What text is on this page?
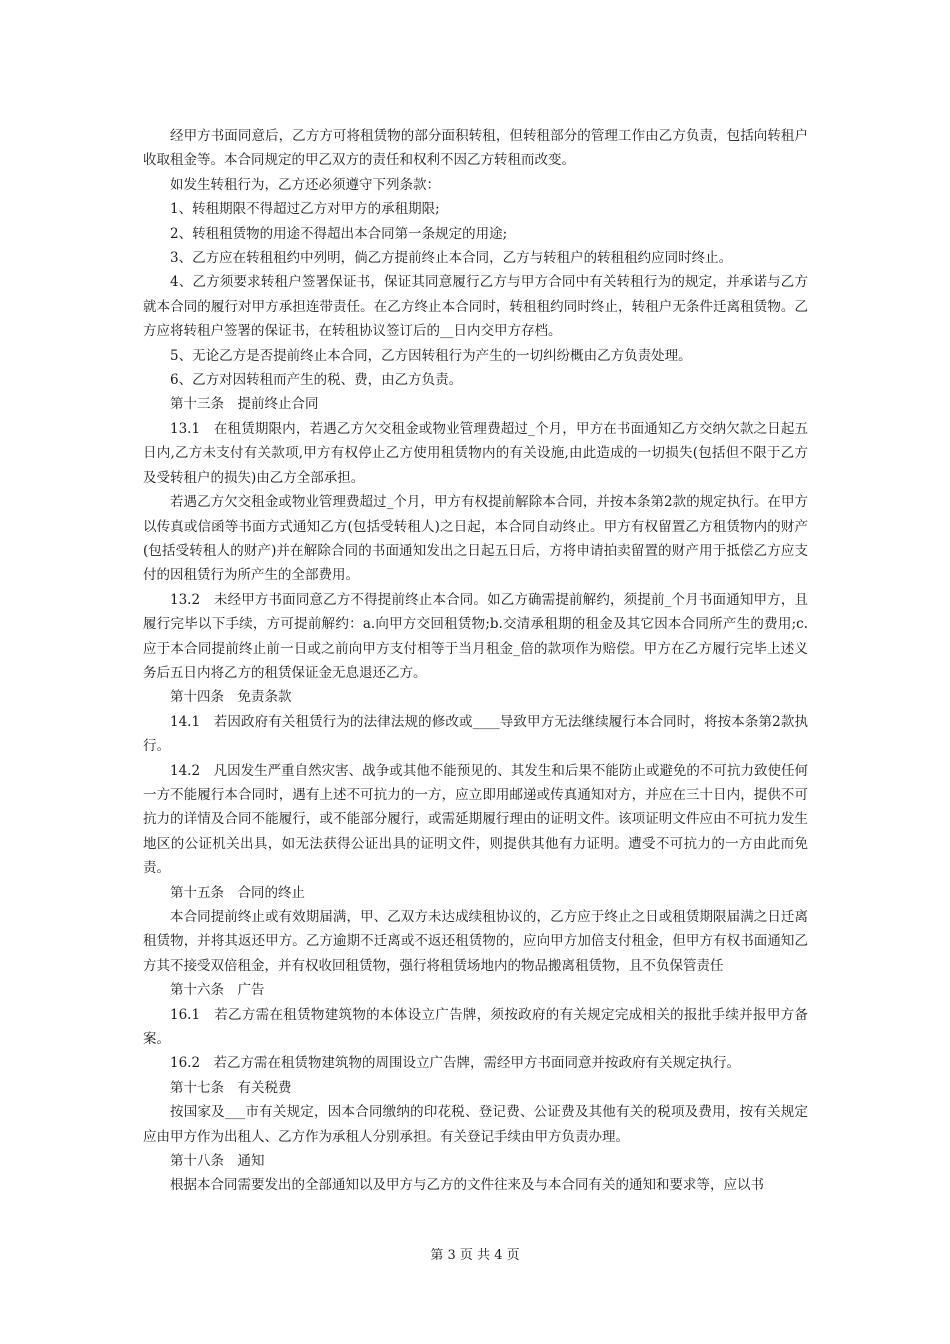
经甲方书面同意后，乙方方可将租赁物的部分面积转租，但转租部分的管理工作由乙方负责，包括向转租户收取租金等。本合同规定的甲乙双方的责任和权利不因乙方转租而改变。

如发生转租行为，乙方还必须遵守下列条款：

1、转租期限不得超过乙方对甲方的承租期限;

2、转租租赁物的用途不得超出本合同第一条规定的用途;

3、乙方应在转租租约中列明，倘乙方提前终止本合同，乙方与转租户的转租租约应同时终止。

4、乙方须要求转租户签署保证书，保证其同意履行乙方与甲方合同中有关转租行为的规定，并承诺与乙方就本合同的履行对甲方承担连带责任。在乙方终止本合同时，转租租约同时终止，转租户无条件迁离租赁物。乙方应将转租户签署的保证书，在转租协议签订后的__日内交甲方存档。

5、无论乙方是否提前终止本合同，乙方因转租行为产生的一切纠纷概由乙方负责处理。

6、乙方对因转租而产生的税、费，由乙方负责。

第十三条　提前终止合同

13.1　在租赁期限内，若遇乙方欠交租金或物业管理费超过_个月，甲方在书面通知乙方交纳欠款之日起五日内,乙方未支付有关款项,甲方有权停止乙方使用租赁物内的有关设施,由此造成的一切损失(包括但不限于乙方及受转租户的损失)由乙方全部承担。

若遇乙方欠交租金或物业管理费超过_个月，甲方有权提前解除本合同，并按本条第2款的规定执行。在甲方以传真或信函等书面方式通知乙方(包括受转租人)之日起，本合同自动终止。甲方有权留置乙方租赁物内的财产(包括受转租人的财产)并在解除合同的书面通知发出之日起五日后，方将申请拍卖留置的财产用于抵偿乙方应支付的因租赁行为所产生的全部费用。

13.2　未经甲方书面同意乙方不得提前终止本合同。如乙方确需提前解约，须提前_个月书面通知甲方，且履行完毕以下手续，方可提前解约：a.向甲方交回租赁物;b.交清承租期的租金及其它因本合同所产生的费用;c.应于本合同提前终止前一日或之前向甲方支付相等于当月租金_倍的款项作为赔偿。甲方在乙方履行完毕上述义务后五日内将乙方的租赁保证金无息退还乙方。

第十四条　免责条款

14.1　若因政府有关租赁行为的法律法规的修改或____导致甲方无法继续履行本合同时，将按本条第2款执行。

14.2　凡因发生严重自然灾害、战争或其他不能预见的、其发生和后果不能防止或避免的不可抗力致使任何一方不能履行本合同时，遇有上述不可抗力的一方，应立即用邮递或传真通知对方，并应在三十日内，提供不可抗力的详情及合同不能履行，或不能部分履行，或需延期履行理由的证明文件。该项证明文件应由不可抗力发生地区的公证机关出具，如无法获得公证出具的证明文件，则提供其他有力证明。遭受不可抗力的一方由此而免责。

第十五条　合同的终止

本合同提前终止或有效期届满，甲、乙双方未达成续租协议的，乙方应于终止之日或租赁期限届满之日迁离租赁物，并将其返还甲方。乙方逾期不迁离或不返还租赁物的，应向甲方加倍支付租金，但甲方有权书面通知乙方其不接受双倍租金，并有权收回租赁物，强行将租赁场地内的物品搬离租赁物，且不负保管责任

第十六条　广告

16.1　若乙方需在租赁物建筑物的本体设立广告牌，须按政府的有关规定完成相关的报批手续并报甲方备案。

16.2　若乙方需在租赁物建筑物的周围设立广告牌，需经甲方书面同意并按政府有关规定执行。

第十七条　有关税费

按国家及___市有关规定，因本合同缴纳的印花税、登记费、公证费及其他有关的税项及费用，按有关规定应由甲方作为出租人、乙方作为承租人分别承担。有关登记手续由甲方负责办理。

第十八条　通知

根据本合同需要发出的全部通知以及甲方与乙方的文件往来及与本合同有关的通知和要求等，应以书

第 3 页 共 4 页
